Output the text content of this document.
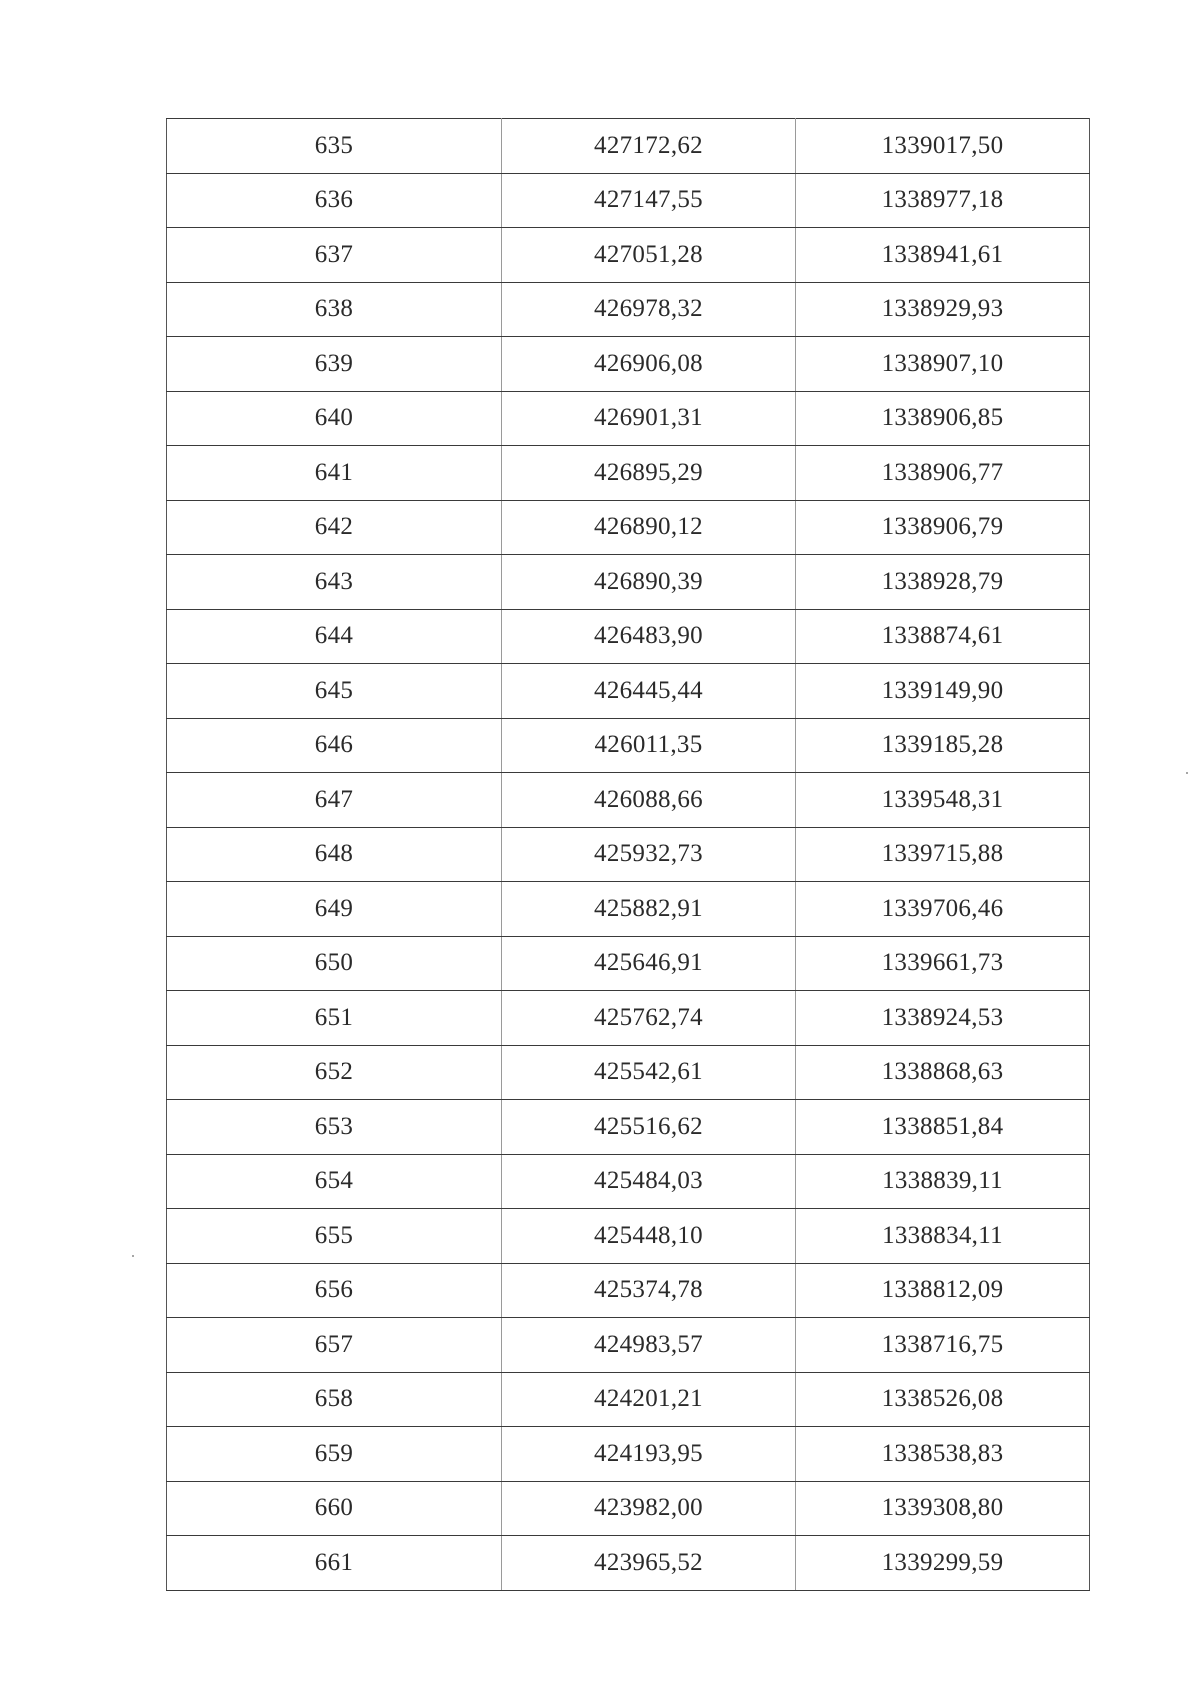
635	427172,62	1339017,50
636	427147,55	1338977,18
637	427051,28	1338941,61
638	426978,32	1338929,93
639	426906,08	1338907,10
640	426901,31	1338906,85
641	426895,29	1338906,77
642	426890,12	1338906,79
643	426890,39	1338928,79
644	426483,90	1338874,61
645	426445,44	1339149,90
646	426011,35	1339185,28
647	426088,66	1339548,31
648	425932,73	1339715,88
649	425882,91	1339706,46
650	425646,91	1339661,73
651	425762,74	1338924,53
652	425542,61	1338868,63
653	425516,62	1338851,84
654	425484,03	1338839,11
655	425448,10	1338834,11
656	425374,78	1338812,09
657	424983,57	1338716,75
658	424201,21	1338526,08
659	424193,95	1338538,83
660	423982,00	1339308,80
661	423965,52	1339299,59
